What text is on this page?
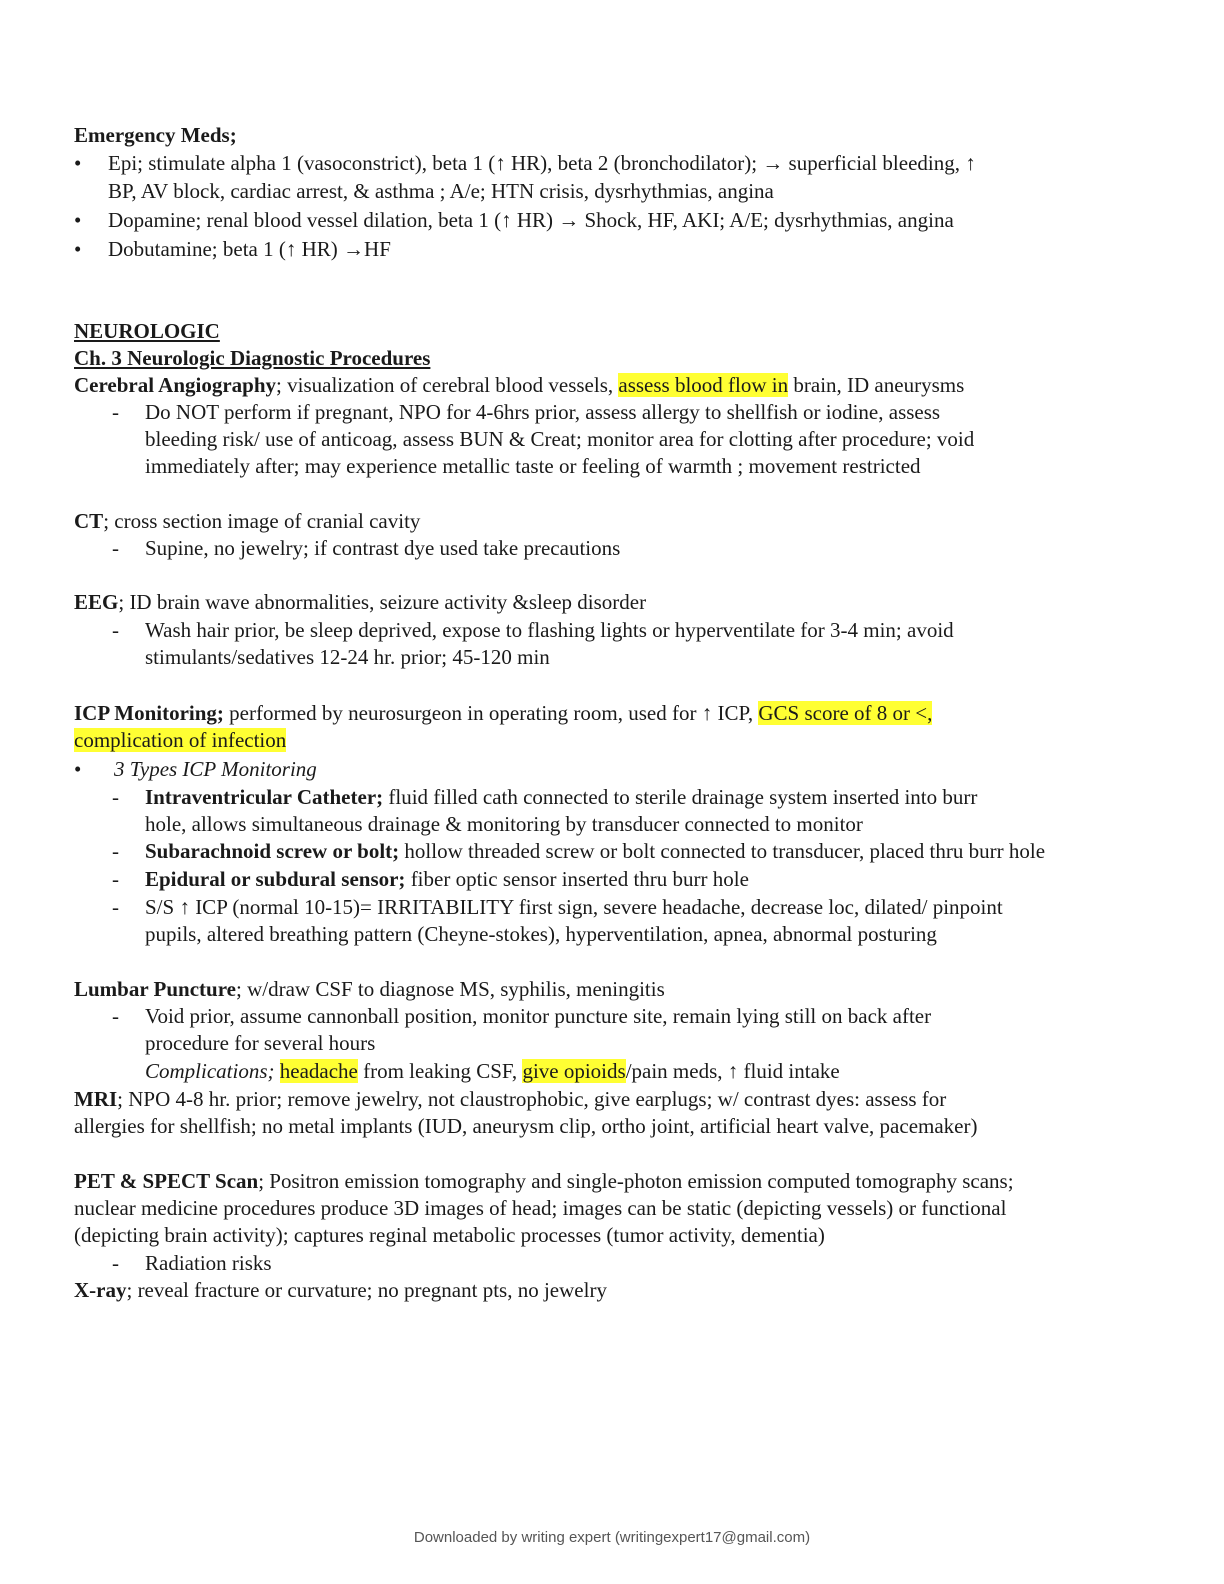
Emergency Meds;
• Epi; stimulate alpha 1 (vasoconstrict), beta 1 (↑ HR), beta 2 (bronchodilator); → superficial bleeding, ↑
BP, AV block, cardiac arrest, & asthma ; A/e; HTN crisis, dysrhythmias, angina
• Dopamine; renal blood vessel dilation, beta 1 (↑ HR) → Shock, HF, AKI; A/E; dysrhythmias, angina
• Dobutamine; beta 1 (↑ HR) →HF
NEUROLOGIC
Ch. 3 Neurologic Diagnostic Procedures
Cerebral Angiography; visualization of cerebral blood vessels, assess blood flow in brain, ID aneurysms
- Do NOT perform if pregnant, NPO for 4-6hrs prior, assess allergy to shellfish or iodine, assess
bleeding risk/ use of anticoag, assess BUN & Creat; monitor area for clotting after procedure; void
immediately after; may experience metallic taste or feeling of warmth ; movement restricted
CT; cross section image of cranial cavity
- Supine, no jewelry; if contrast dye used take precautions
EEG; ID brain wave abnormalities, seizure activity &sleep disorder
- Wash hair prior, be sleep deprived, expose to flashing lights or hyperventilate for 3-4 min; avoid
stimulants/sedatives 12-24 hr. prior; 45-120 min
ICP Monitoring; performed by neurosurgeon in operating room, used for ↑ ICP, GCS score of 8 or <,
complication of infection
• 3 Types ICP Monitoring
- Intraventricular Catheter; fluid filled cath connected to sterile drainage system inserted into burr
hole, allows simultaneous drainage & monitoring by transducer connected to monitor
- Subarachnoid screw or bolt; hollow threaded screw or bolt connected to transducer, placed thru burr hole
- Epidural or subdural sensor; fiber optic sensor inserted thru burr hole
- S/S ↑ ICP (normal 10-15)= IRRITABILITY first sign, severe headache, decrease loc, dilated/ pinpoint
pupils, altered breathing pattern (Cheyne-stokes), hyperventilation, apnea, abnormal posturing
Lumbar Puncture; w/draw CSF to diagnose MS, syphilis, meningitis
- Void prior, assume cannonball position, monitor puncture site, remain lying still on back after
procedure for several hours
Complications; headache from leaking CSF, give opioids/pain meds, ↑ fluid intake
MRI; NPO 4-8 hr. prior; remove jewelry, not claustrophobic, give earplugs; w/ contrast dyes: assess for
allergies for shellfish; no metal implants (IUD, aneurysm clip, ortho joint, artificial heart valve, pacemaker)
PET & SPECT Scan; Positron emission tomography and single-photon emission computed tomography scans;
nuclear medicine procedures produce 3D images of head; images can be static (depicting vessels) or functional
(depicting brain activity); captures reginal metabolic processes (tumor activity, dementia)
- Radiation risks
X-ray; reveal fracture or curvature; no pregnant pts, no jewelry
Downloaded by writing expert (writingexpert17@gmail.com)
